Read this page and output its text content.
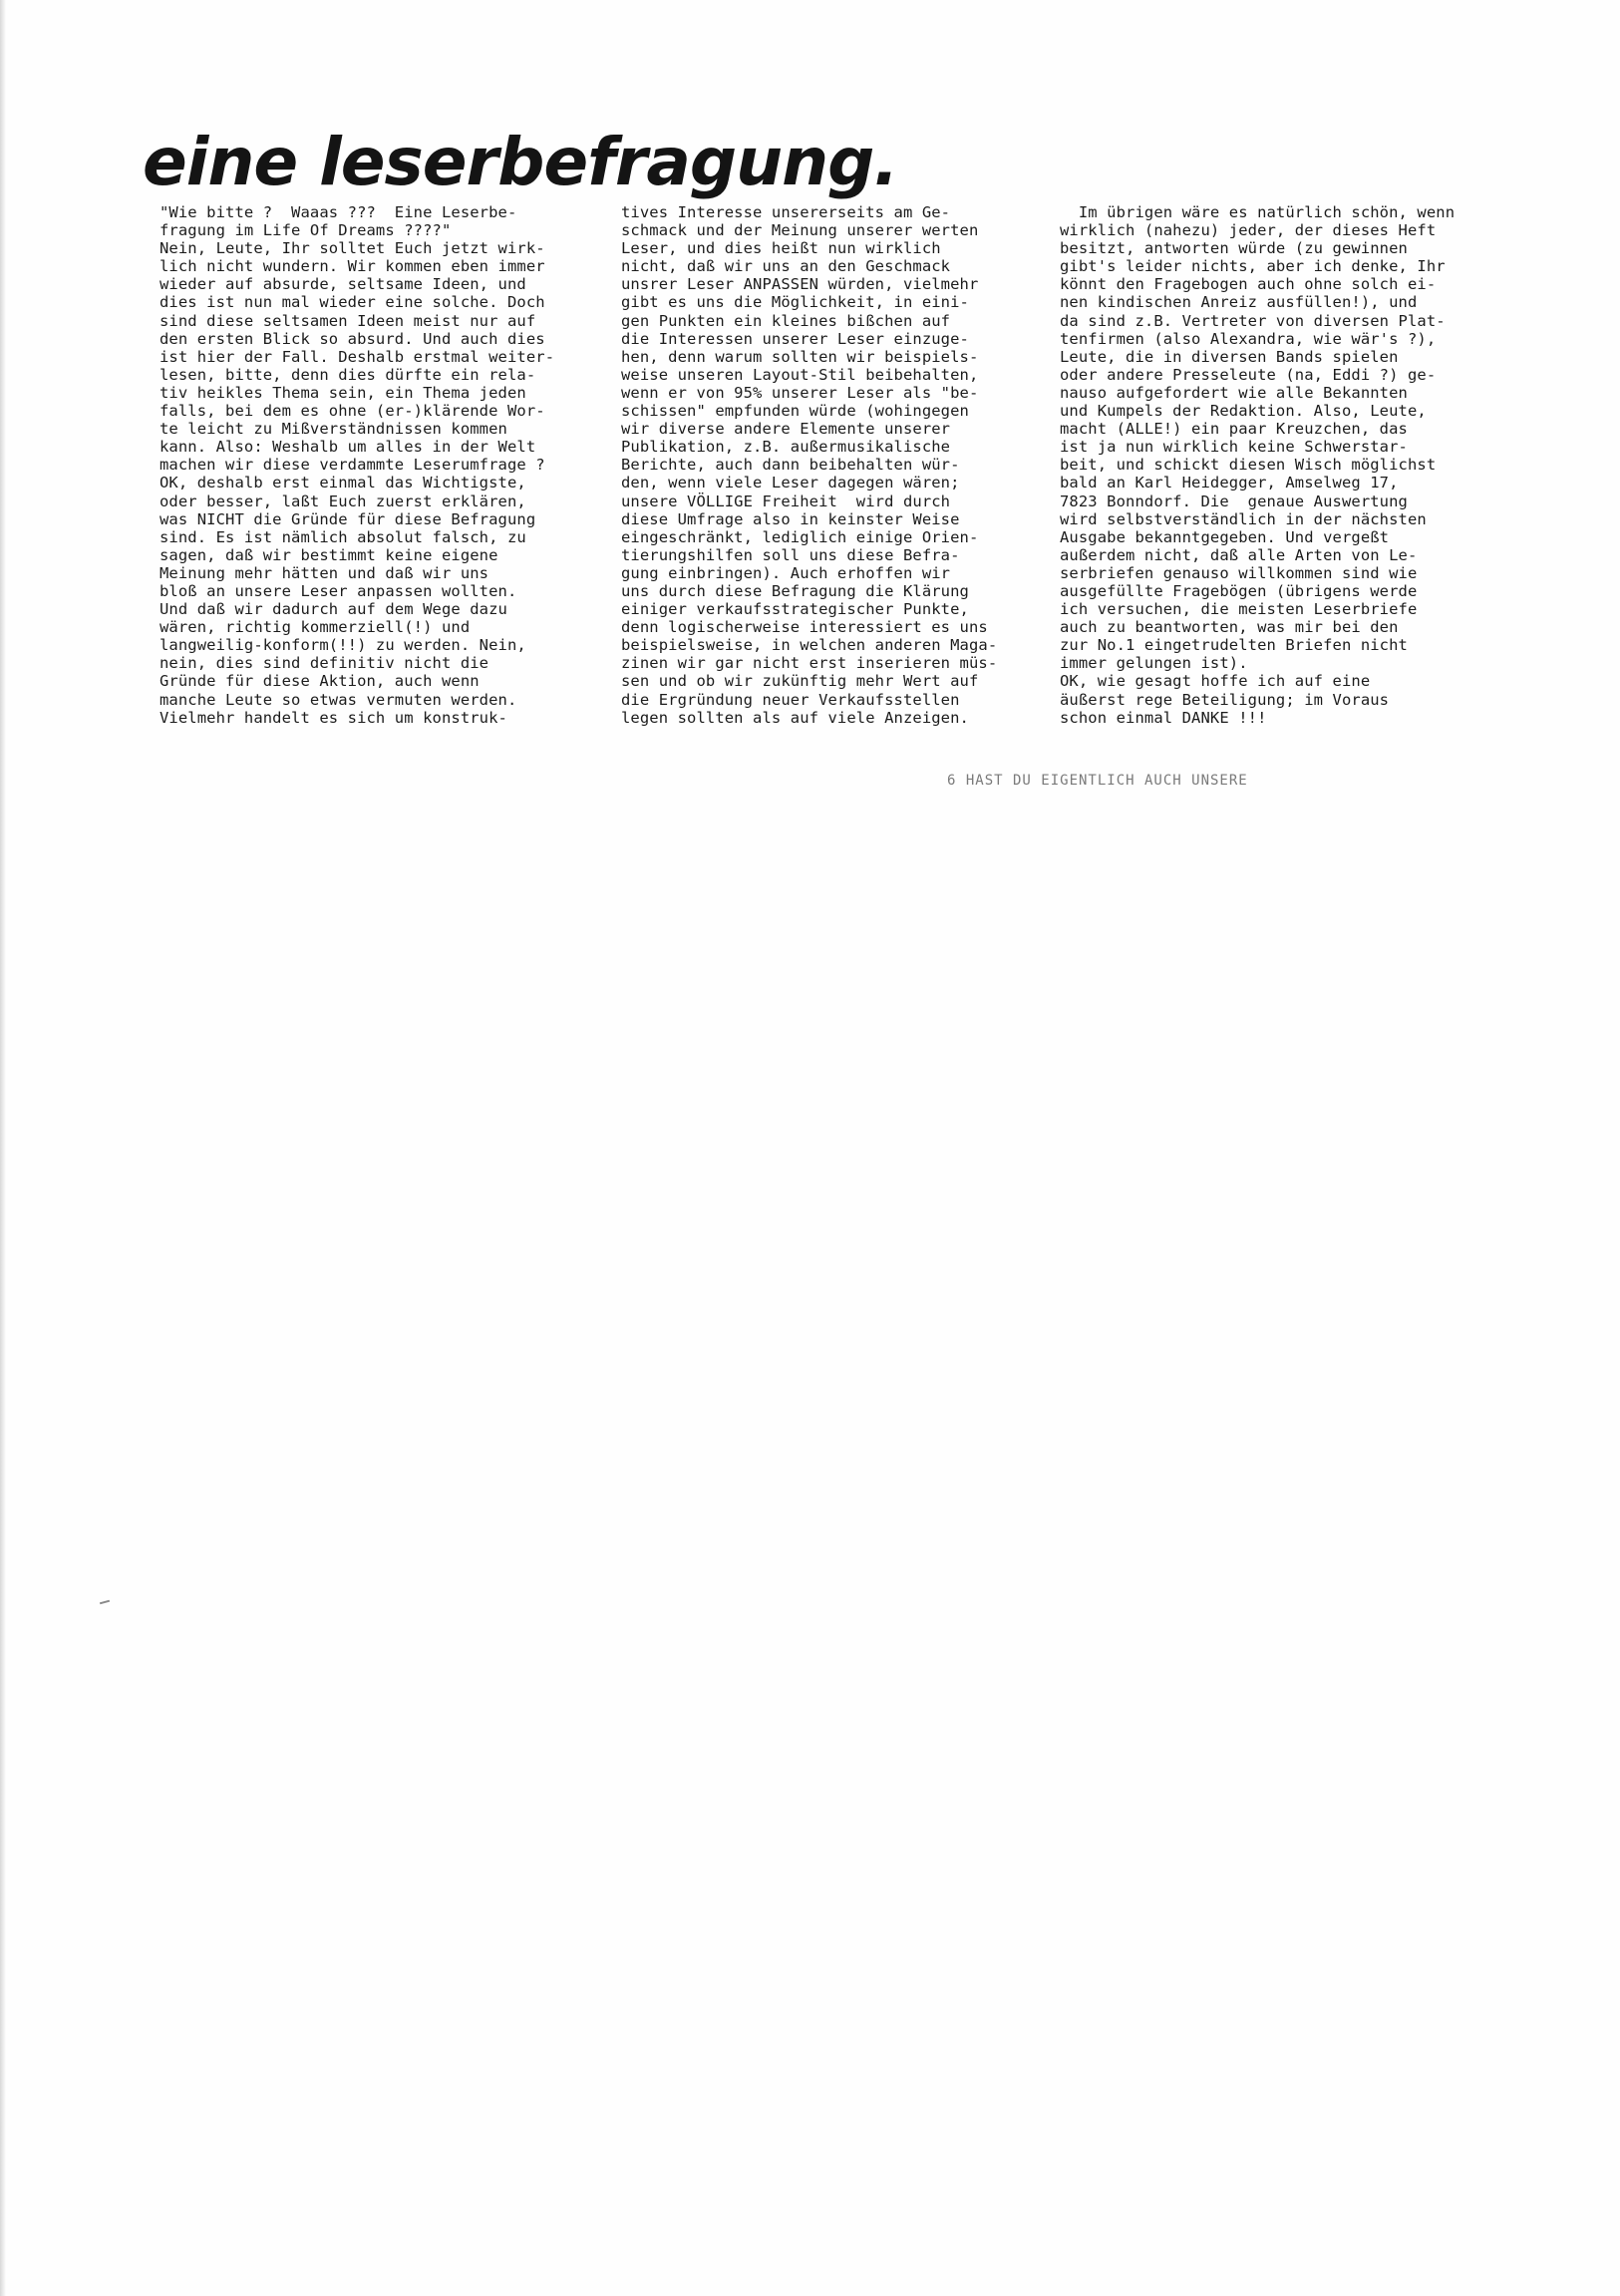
eine leserbefragung.
"Wie bitte ?  Waaas ???  Eine Leserbe-
fragung im Life Of Dreams ????"
Nein, Leute, Ihr solltet Euch jetzt wirk-
lich nicht wundern. Wir kommen eben immer
wieder auf absurde, seltsame Ideen, und
dies ist nun mal wieder eine solche. Doch
sind diese seltsamen Ideen meist nur auf
den ersten Blick so absurd. Und auch dies
ist hier der Fall. Deshalb erstmal weiter-
lesen, bitte, denn dies dürfte ein rela-
tiv heikles Thema sein, ein Thema jeden
falls, bei dem es ohne (er-)klärende Wor-
te leicht zu Mißverständnissen kommen
kann. Also: Weshalb um alles in der Welt
machen wir diese verdammte Leserumfrage ?
OK, deshalb erst einmal das Wichtigste,
oder besser, laßt Euch zuerst erklären,
was NICHT die Gründe für diese Befragung
sind. Es ist nämlich absolut falsch, zu
sagen, daß wir bestimmt keine eigene
Meinung mehr hätten und daß wir uns
bloß an unsere Leser anpassen wollten.
Und daß wir dadurch auf dem Wege dazu
wären, richtig kommerziell(!) und
langweilig-konform(!!) zu werden. Nein,
nein, dies sind definitiv nicht die
Gründe für diese Aktion, auch wenn
manche Leute so etwas vermuten werden.
Vielmehr handelt es sich um konstruk-
tives Interesse unsererseits am Ge-
schmack und der Meinung unserer werten
Leser, und dies heißt nun wirklich
nicht, daß wir uns an den Geschmack
unsrer Leser ANPASSEN würden, vielmehr
gibt es uns die Möglichkeit, in eini-
gen Punkten ein kleines bißchen auf
die Interessen unserer Leser einzuge-
hen, denn warum sollten wir beispiels-
weise unseren Layout-Stil beibehalten,
wenn er von 95% unserer Leser als "be-
schissen" empfunden würde (wohingegen
wir diverse andere Elemente unserer
Publikation, z.B. außermusikalische
Berichte, auch dann beibehalten wür-
den, wenn viele Leser dagegen wären;
unsere VÖLLIGE Freiheit  wird durch
diese Umfrage also in keinster Weise
eingeschränkt, lediglich einige Orien-
tierungshilfen soll uns diese Befra-
gung einbringen). Auch erhoffen wir
uns durch diese Befragung die Klärung
einiger verkaufsstrategischer Punkte,
denn logischerweise interessiert es uns
beispielsweise, in welchen anderen Maga-
zinen wir gar nicht erst inserieren müs-
sen und ob wir zukünftig mehr Wert auf
die Ergründung neuer Verkaufsstellen
legen sollten als auf viele Anzeigen.
Im übrigen wäre es natürlich schön, wenn
wirklich (nahezu) jeder, der dieses Heft
besitzt, antworten würde (zu gewinnen
gibt's leider nichts, aber ich denke, Ihr
könnt den Fragebogen auch ohne solch ei-
nen kindischen Anreiz ausfüllen!), und
da sind z.B. Vertreter von diversen Plat-
tenfirmen (also Alexandra, wie wär's ?),
Leute, die in diversen Bands spielen
oder andere Presseleute (na, Eddi ?) ge-
nauso aufgefordert wie alle Bekannten
und Kumpels der Redaktion. Also, Leute,
macht (ALLE!) ein paar Kreuzchen, das
ist ja nun wirklich keine Schwerstar-
beit, und schickt diesen Wisch möglichst
bald an Karl Heidegger, Amselweg 17,
7823 Bonndorf. Die  genaue Auswertung
wird selbstverständlich in der nächsten
Ausgabe bekanntgegeben. Und vergeßt
außerdem nicht, daß alle Arten von Le-
serbriefen genauso willkommen sind wie
ausgefüllte Fragebögen (übrigens werde
ich versuchen, die meisten Leserbriefe
auch zu beantworten, was mir bei den
zur No.1 eingetrudelten Briefen nicht
immer gelungen ist).
OK, wie gesagt hoffe ich auf eine
äußerst rege Beteiligung; im Voraus
schon einmal DANKE !!!
6 HAST DU EIGENTLICH AUCH UNSERE
